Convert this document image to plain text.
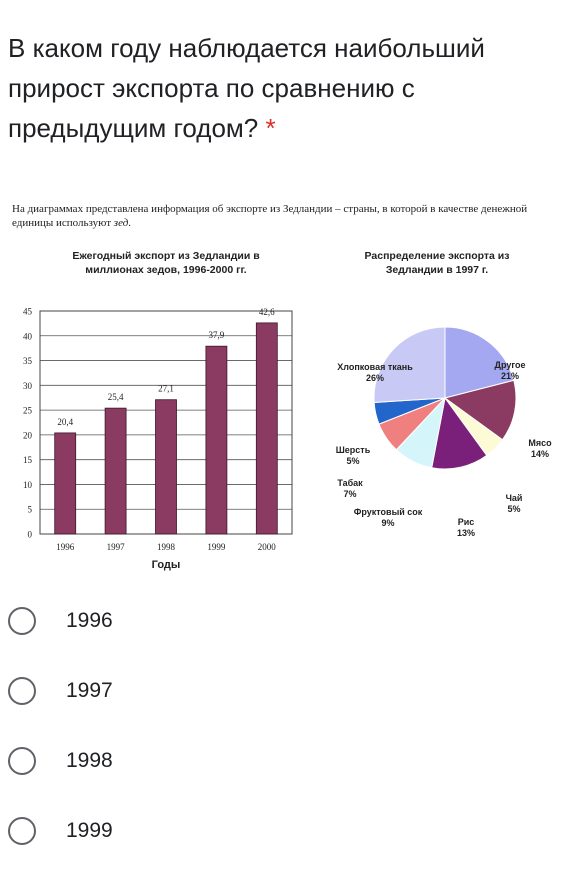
В каком году наблюдается наибольший прирост экспорта по сравнению с предыдущим годом? *
На диаграммах представлена информация об экспорте из Зедландии – страны, в которой в качестве денежной единицы используют зед.
Ежегодный экспорт из Зедландии в
миллионах зедов, 1996-2000 гг.
0
5
10
15
20
25
30
35
40
45
20,4
1996
25,4
1997
27,1
1998
37,9
1999
42,6
2000
Годы
Распределение экспорта из
Зедландии в 1997 г.
Другое
21%
Мясо
14%
Чай
5%
Рис
13%
Фруктовый сок
9%
Табак
7%
Шерсть
5%
Хлопковая ткань
26%
1996
1997
1998
1999
